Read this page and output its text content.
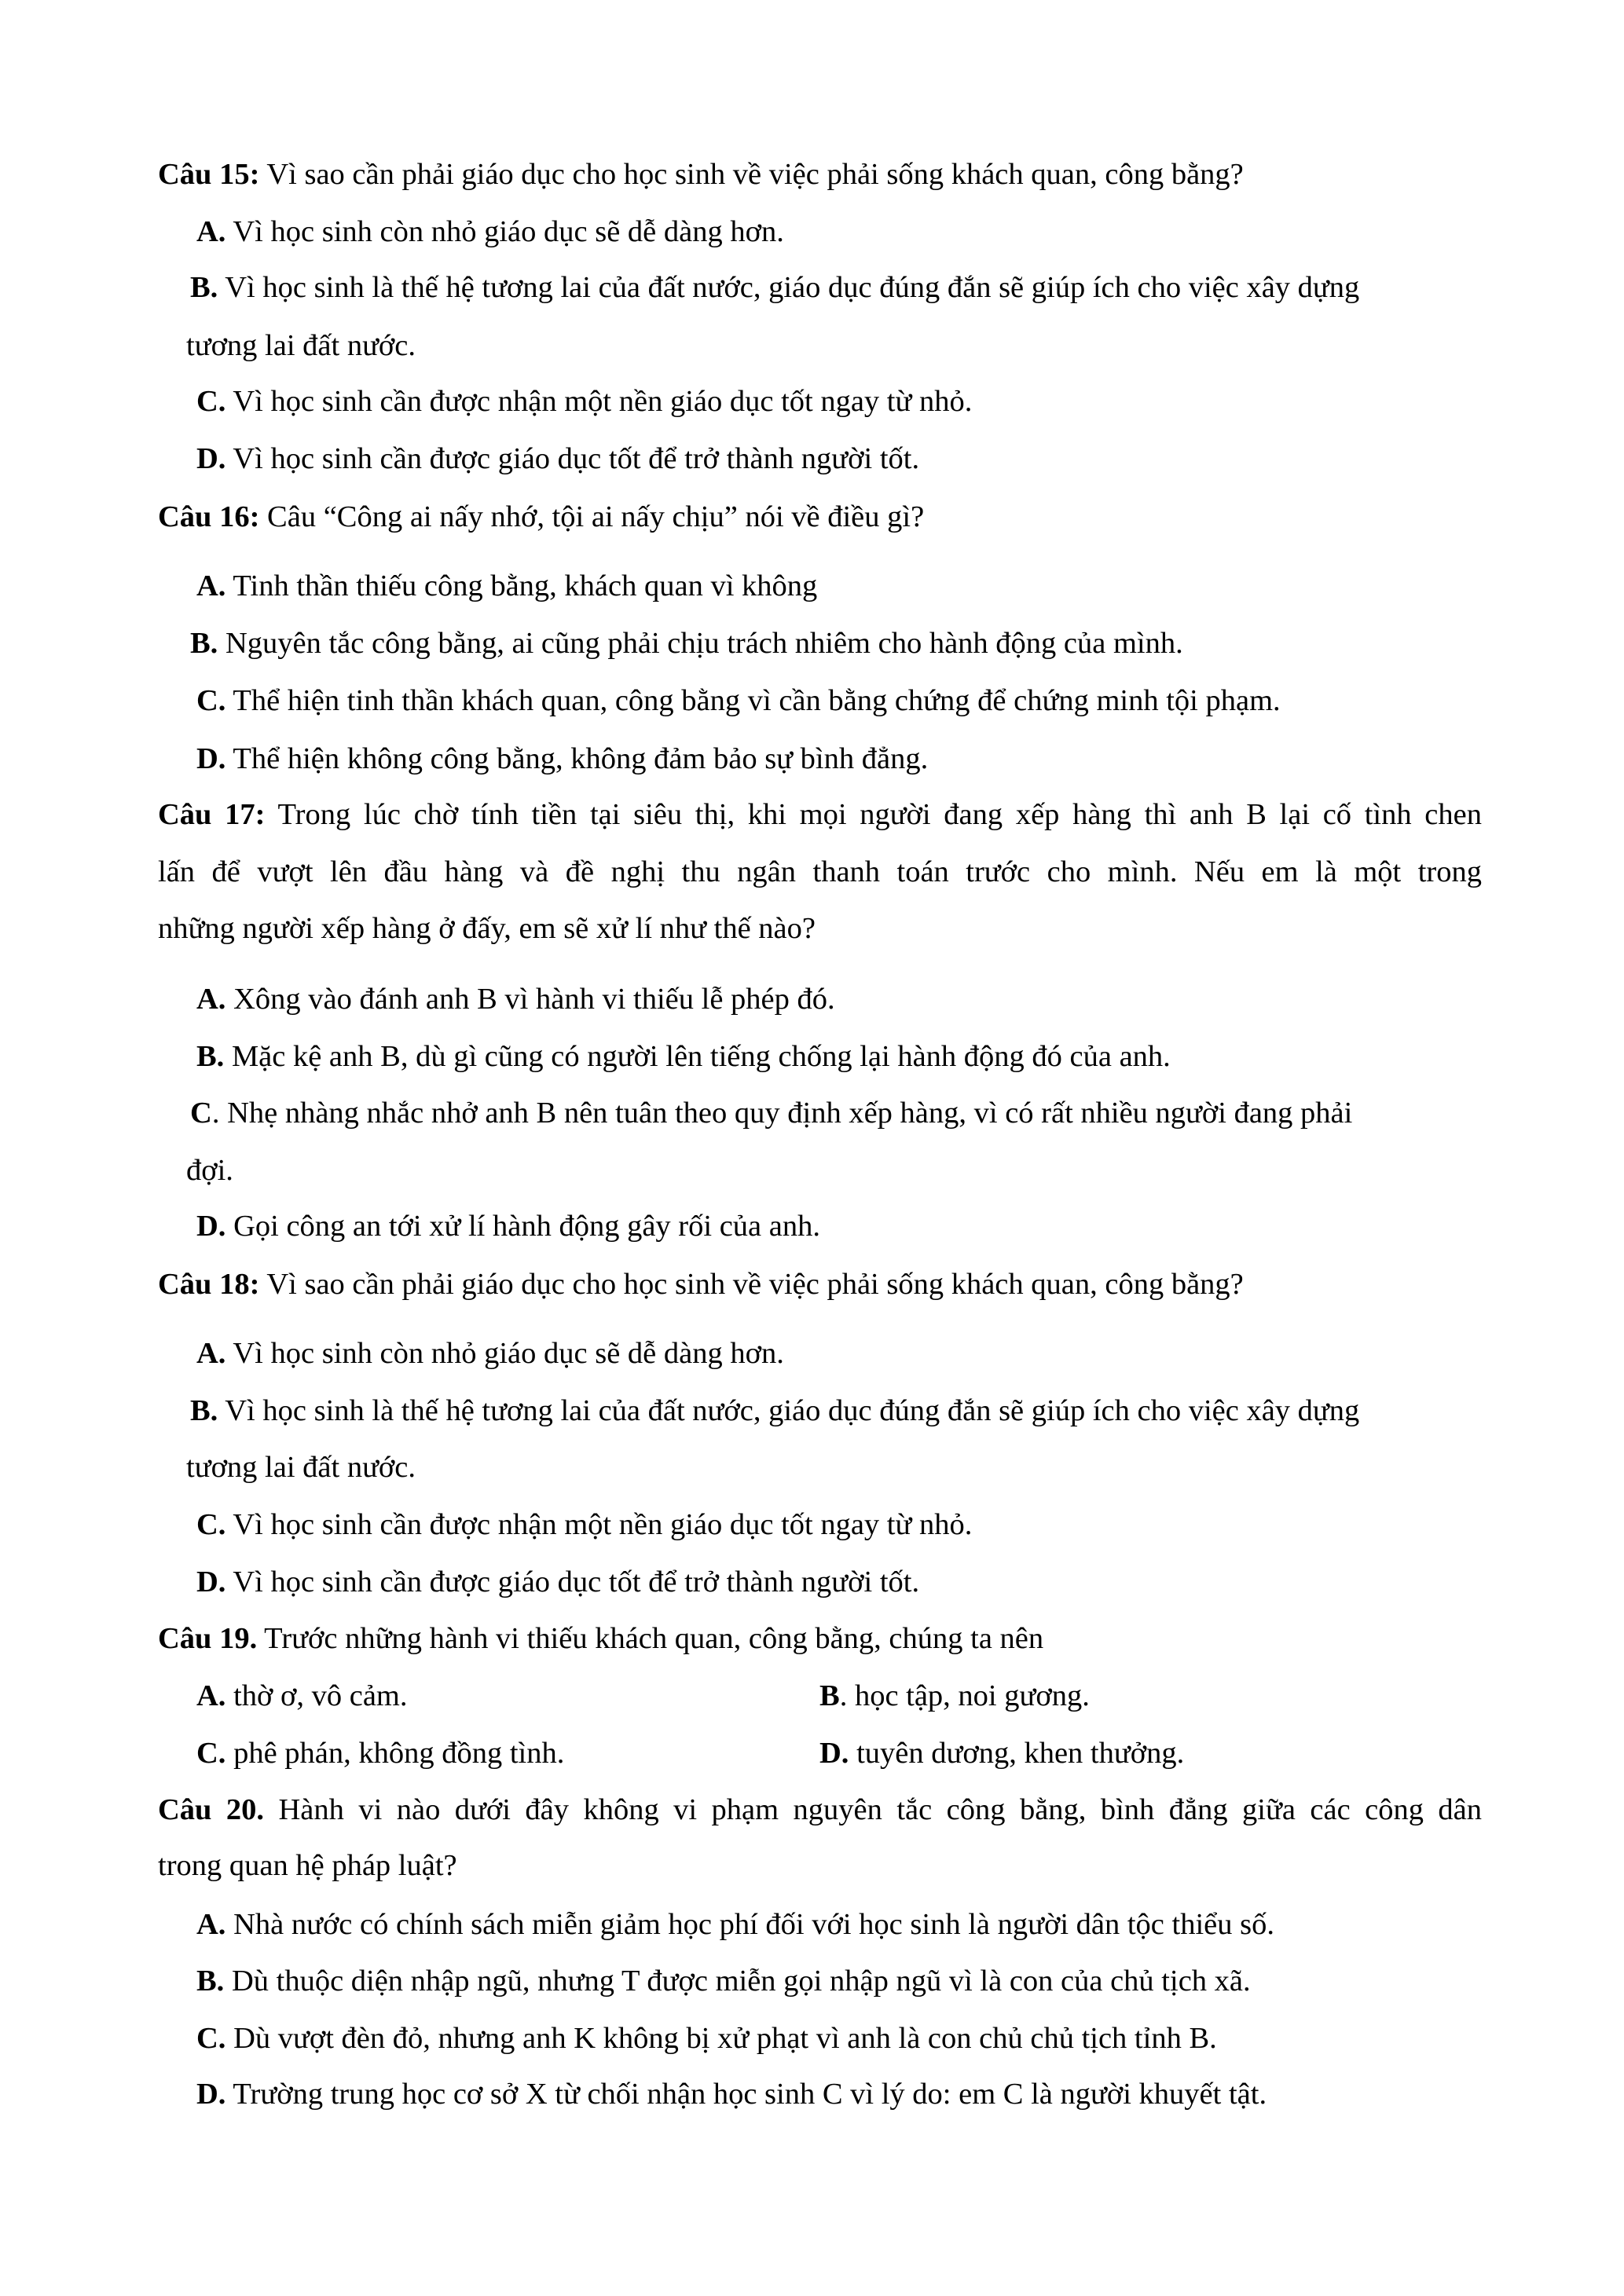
Câu 15: Vì sao cần phải giáo dục cho học sinh về việc phải sống khách quan, công bằng?
A. Vì học sinh còn nhỏ giáo dục sẽ dễ dàng hơn.
B. Vì học sinh là thế hệ tương lai của đất nước, giáo dục đúng đắn sẽ giúp ích cho việc xây dựng
tương lai đất nước.
C. Vì học sinh cần được nhận một nền giáo dục tốt ngay từ nhỏ.
D. Vì học sinh cần được giáo dục tốt để trở thành người tốt.
Câu 16: Câu “Công ai nấy nhớ, tội ai nấy chịu” nói về điều gì?
A. Tinh thần thiếu công bằng, khách quan vì không
B. Nguyên tắc công bằng, ai cũng phải chịu trách nhiêm cho hành động của mình.
C. Thể hiện tinh thần khách quan, công bằng vì cần bằng chứng để chứng minh tội phạm.
D. Thể hiện không công bằng, không đảm bảo sự bình đẳng.
Câu 17: Trong lúc chờ tính tiền tại siêu thị, khi mọi người đang xếp hàng thì anh B lại cố tình chen
lấn để vượt lên đầu hàng và đề nghị thu ngân thanh toán trước cho mình. Nếu em là một trong
những người xếp hàng ở đấy, em sẽ xử lí như thế nào?
A. Xông vào đánh anh B vì hành vi thiếu lễ phép đó.
B. Mặc kệ anh B, dù gì cũng có người lên tiếng chống lại hành động đó của anh.
C. Nhẹ nhàng nhắc nhở anh B nên tuân theo quy định xếp hàng, vì có rất nhiều người đang phải
đợi.
D. Gọi công an tới xử lí hành động gây rối của anh.
Câu 18: Vì sao cần phải giáo dục cho học sinh về việc phải sống khách quan, công bằng?
A. Vì học sinh còn nhỏ giáo dục sẽ dễ dàng hơn.
B. Vì học sinh là thế hệ tương lai của đất nước, giáo dục đúng đắn sẽ giúp ích cho việc xây dựng
tương lai đất nước.
C. Vì học sinh cần được nhận một nền giáo dục tốt ngay từ nhỏ.
D. Vì học sinh cần được giáo dục tốt để trở thành người tốt.
Câu 19. Trước những hành vi thiếu khách quan, công bằng, chúng ta nên
A. thờ ơ, vô cảm.	B. học tập, noi gương.
C. phê phán, không đồng tình.	D. tuyên dương, khen thưởng.
Câu 20. Hành vi nào dưới đây không vi phạm nguyên tắc công bằng, bình đẳng giữa các công dân
trong quan hệ pháp luật?
A. Nhà nước có chính sách miễn giảm học phí đối với học sinh là người dân tộc thiểu số.
B. Dù thuộc diện nhập ngũ, nhưng T được miễn gọi nhập ngũ vì là con của chủ tịch xã.
C. Dù vượt đèn đỏ, nhưng anh K không bị xử phạt vì anh là con chủ chủ tịch tỉnh B.
D. Trường trung học cơ sở X từ chối nhận học sinh C vì lý do: em C là người khuyết tật.
